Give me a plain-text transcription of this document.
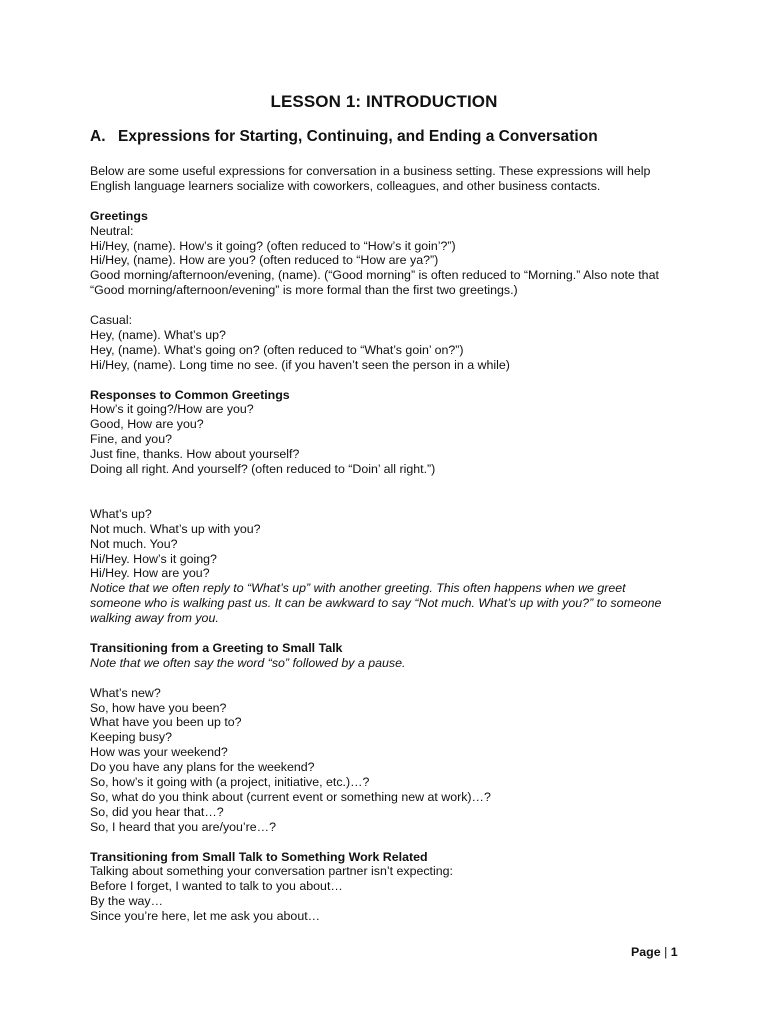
LESSON 1: INTRODUCTION
A. Expressions for Starting, Continuing, and Ending a Conversation

Below are some useful expressions for conversation in a business setting. These expressions will help

English language learners socialize with coworkers, colleagues, and other business contacts.

Greetings

Neutral:

Hi/Hey, (name). How’s it going? (often reduced to “How’s it goin’?”)

Hi/Hey, (name). How are you? (often reduced to “How are ya?”)

Good morning/afternoon/evening, (name). (“Good morning” is often reduced to “Morning.” Also note that

“Good morning/afternoon/evening” is more formal than the first two greetings.)

Casual:

Hey, (name). What’s up?

Hey, (name). What’s going on? (often reduced to “What’s goin’ on?”)

Hi/Hey, (name). Long time no see. (if you haven’t seen the person in a while)

Responses to Common Greetings

How’s it going?/How are you?

Good, How are you?

Fine, and you?

Just fine, thanks. How about yourself?

Doing all right. And yourself? (often reduced to “Doin’ all right.”)

What’s up?

Not much. What’s up with you?

Not much. You?

Hi/Hey. How’s it going?

Hi/Hey. How are you?

Notice that we often reply to “What’s up” with another greeting. This often happens when we greet

someone who is walking past us. It can be awkward to say “Not much. What’s up with you?” to someone

walking away from you.

Transitioning from a Greeting to Small Talk

Note that we often say the word “so” followed by a pause.

What’s new?

So, how have you been?

What have you been up to?

Keeping busy?

How was your weekend?

Do you have any plans for the weekend?

So, how’s it going with (a project, initiative, etc.)…?

So, what do you think about (current event or something new at work)…?

So, did you hear that…?

So, I heard that you are/you’re…?

Transitioning from Small Talk to Something Work Related

Talking about something your conversation partner isn’t expecting:

Before I forget, I wanted to talk to you about…

By the way…

Since you’re here, let me ask you about…

Page | 1
